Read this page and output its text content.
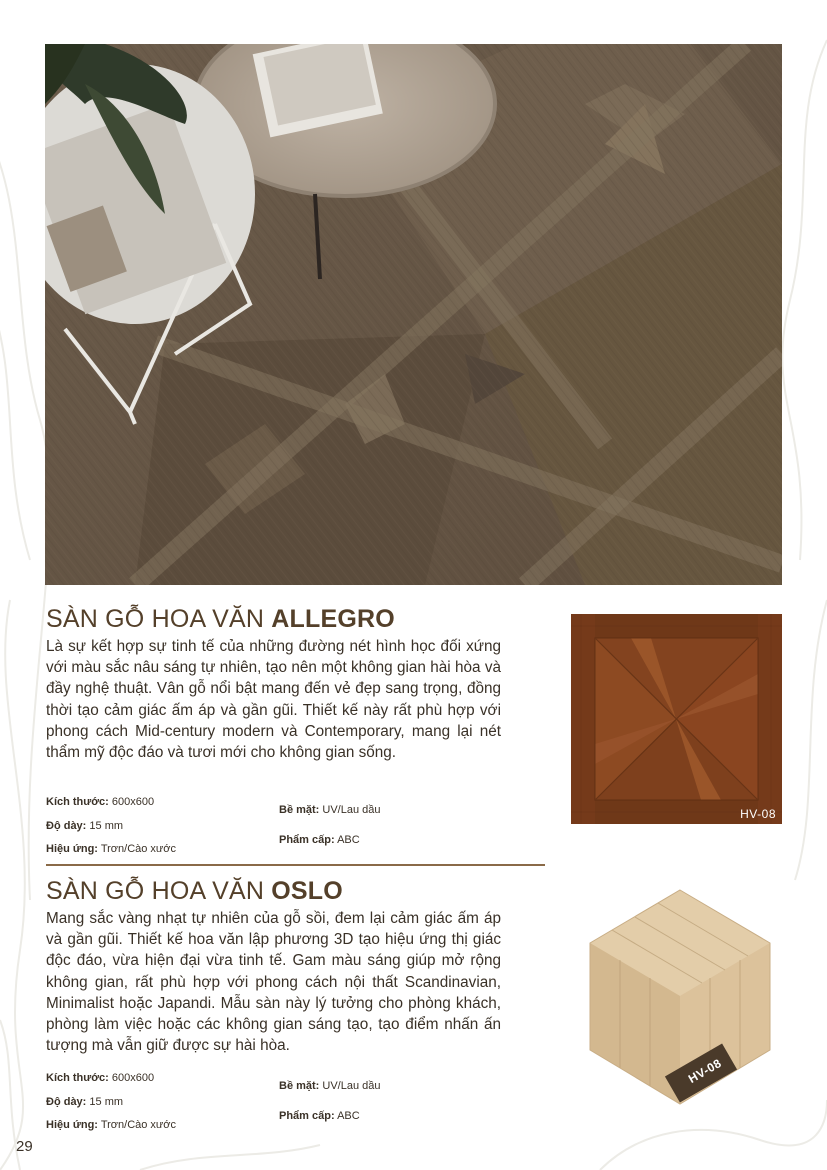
SÀN GỖ HOA VĂN ALLEGRO

Là sự kết hợp sự tinh tế của những đường nét hình học đối xứng với màu sắc nâu sáng tự nhiên, tạo nên một không gian hài hòa và đầy nghệ thuật. Vân gỗ nổi bật mang đến vẻ đẹp sang trọng, đồng thời tạo cảm giác ấm áp và gần gũi. Thiết kế này rất phù hợp với phong cách Mid-century modern và Contemporary, mang lại nét thẩm mỹ độc đáo và tươi mới cho không gian sống.

Kích thước: 600x600
Độ dày: 15 mm
Hiệu ứng: Trơn/Cào xước
Bề mặt: UV/Lau dầu
Phẩm cấp: ABC
HV-08
SÀN GỖ HOA VĂN OSLO

Mang sắc vàng nhạt tự nhiên của gỗ sồi, đem lại cảm giác ấm áp và gần gũi. Thiết kế hoa văn lập phương 3D tạo hiệu ứng thị giác độc đáo, vừa hiện đại vừa tinh tế. Gam màu sáng giúp mở rộng không gian, rất phù hợp với phong cách nội thất Scandinavian, Minimalist hoặc Japandi. Mẫu sàn này lý tưởng cho phòng khách, phòng làm việc hoặc các không gian sáng tạo, tạo điểm nhấn ấn tượng mà vẫn giữ được sự hài hòa.

Kích thước: 600x600
Độ dày: 15 mm
Hiệu ứng: Trơn/Cào xước
Bề mặt: UV/Lau dầu
Phẩm cấp: ABC
HV-08
29
